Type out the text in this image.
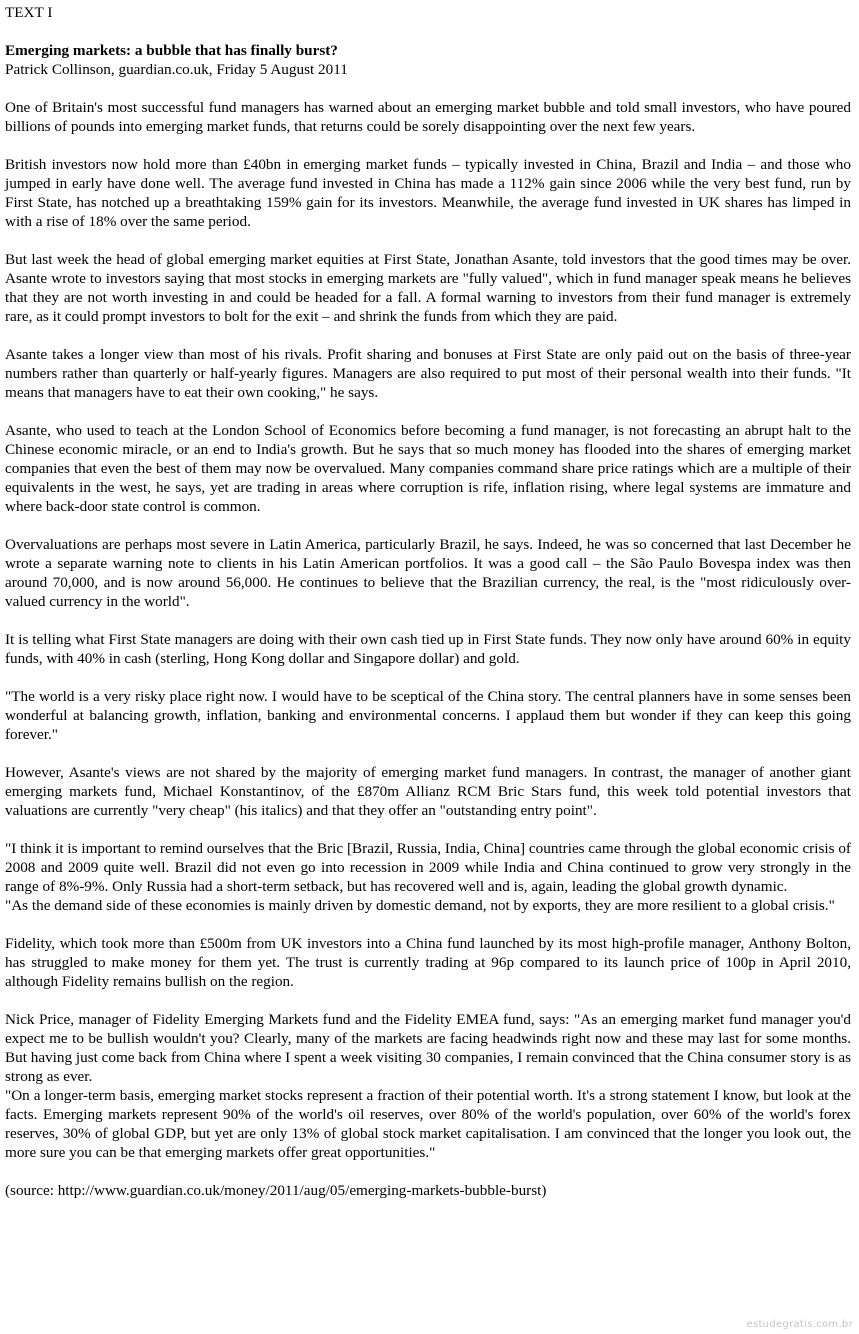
TEXT I

Emerging markets: a bubble that has finally burst?

Patrick Collinson, guardian.co.uk, Friday 5 August 2011

One of Britain's most successful fund managers has warned about an emerging market bubble and told small investors, who have poured billions of pounds into emerging market funds, that returns could be sorely disappointing over the next few years.

British investors now hold more than £40bn in emerging market funds – typically invested in China, Brazil and India – and those who jumped in early have done well. The average fund invested in China has made a 112% gain since 2006 while the very best fund, run by First State, has notched up a breathtaking 159% gain for its investors. Meanwhile, the average fund invested in UK shares has limped in with a rise of 18% over the same period.

But last week the head of global emerging market equities at First State, Jonathan Asante, told investors that the good times may be over. Asante wrote to investors saying that most stocks in emerging markets are "fully valued", which in fund manager speak means he believes that they are not worth investing in and could be headed for a fall. A formal warning to investors from their fund manager is extremely rare, as it could prompt investors to bolt for the exit – and shrink the funds from which they are paid.

Asante takes a longer view than most of his rivals. Profit sharing and bonuses at First State are only paid out on the basis of three-year numbers rather than quarterly or half-yearly figures. Managers are also required to put most of their personal wealth into their funds. "It means that managers have to eat their own cooking," he says.

Asante, who used to teach at the London School of Economics before becoming a fund manager, is not forecasting an abrupt halt to the Chinese economic miracle, or an end to India's growth. But he says that so much money has flooded into the shares of emerging market companies that even the best of them may now be overvalued. Many companies command share price ratings which are a multiple of their equivalents in the west, he says, yet are trading in areas where corruption is rife, inflation rising, where legal systems are immature and where back-door state control is common.

Overvaluations are perhaps most severe in Latin America, particularly Brazil, he says. Indeed, he was so concerned that last December he wrote a separate warning note to clients in his Latin American portfolios. It was a good call – the São Paulo Bovespa index was then around 70,000, and is now around 56,000. He continues to believe that the Brazilian currency, the real, is the "most ridiculously over-valued currency in the world".

It is telling what First State managers are doing with their own cash tied up in First State funds. They now only have around 60% in equity funds, with 40% in cash (sterling, Hong Kong dollar and Singapore dollar) and gold.

"The world is a very risky place right now. I would have to be sceptical of the China story. The central planners have in some senses been wonderful at balancing growth, inflation, banking and environmental concerns. I applaud them but wonder if they can keep this going forever."

However, Asante's views are not shared by the majority of emerging market fund managers. In contrast, the manager of another giant emerging markets fund, Michael Konstantinov, of the £870m Allianz RCM Bric Stars fund, this week told potential investors that valuations are currently "very cheap" (his italics) and that they offer an "outstanding entry point".

"I think it is important to remind ourselves that the Bric [Brazil, Russia, India, China] countries came through the global economic crisis of 2008 and 2009 quite well. Brazil did not even go into recession in 2009 while India and China continued to grow very strongly in the range of 8%-9%. Only Russia had a short-term setback, but has recovered well and is, again, leading the global growth dynamic.

"As the demand side of these economies is mainly driven by domestic demand, not by exports, they are more resilient to a global crisis."

Fidelity, which took more than £500m from UK investors into a China fund launched by its most high-profile manager, Anthony Bolton, has struggled to make money for them yet. The trust is currently trading at 96p compared to its launch price of 100p in April 2010, although Fidelity remains bullish on the region.

Nick Price, manager of Fidelity Emerging Markets fund and the Fidelity EMEA fund, says: "As an emerging market fund manager you'd expect me to be bullish wouldn't you? Clearly, many of the markets are facing headwinds right now and these may last for some months. But having just come back from China where I spent a week visiting 30 companies, I remain convinced that the China consumer story is as strong as ever.

"On a longer-term basis, emerging market stocks represent a fraction of their potential worth. It's a strong statement I know, but look at the facts. Emerging markets represent 90% of the world's oil reserves, over 80% of the world's population, over 60% of the world's forex reserves, 30% of global GDP, but yet are only 13% of global stock market capitalisation. I am convinced that the longer you look out, the more sure you can be that emerging markets offer great opportunities."

(source: http://www.guardian.co.uk/money/2011/aug/05/emerging-markets-bubble-burst)

estudegratis.com.br
